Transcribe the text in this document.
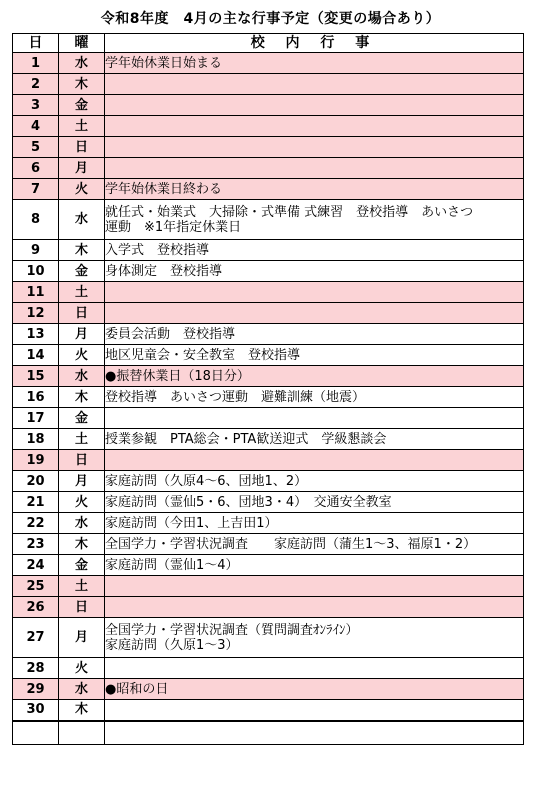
令和8年度　4月の主な行事予定（変更の場合あり）
日	曜	校 内 行 事
1	水	学年始休業日始まる
2	木	
3	金	
4	土	
5	日	
6	月	
7	火	学年始休業日終わる
8	水	就任式・始業式　大掃除・式準備 式練習　登校指導　あいさつ
運動　※1年指定休業日
9	木	入学式　登校指導
10	金	身体測定　登校指導
11	土	
12	日	
13	月	委員会活動　登校指導
14	火	地区児童会・安全教室　登校指導
15	水	●振替休業日（18日分）
16	木	登校指導　あいさつ運動　避難訓練（地震）
17	金	
18	土	授業参観　PTA総会・PTA歓送迎式　学級懇談会
19	日	
20	月	家庭訪問（久原4～6、団地1、2）
21	火	家庭訪問（霊仙5・6、団地3・4）　交通安全教室
22	水	家庭訪問（今田1、上吉田1）
23	木	全国学力・学習状況調査　　家庭訪問（蒲生1～3、福原1・2）
24	金	家庭訪問（霊仙1～4）
25	土	
26	日	
27	月	全国学力・学習状況調査（質問調査ｵﾝﾗｲﾝ）
家庭訪問（久原1～3）
28	火	
29	水	●昭和の日
30	木	
